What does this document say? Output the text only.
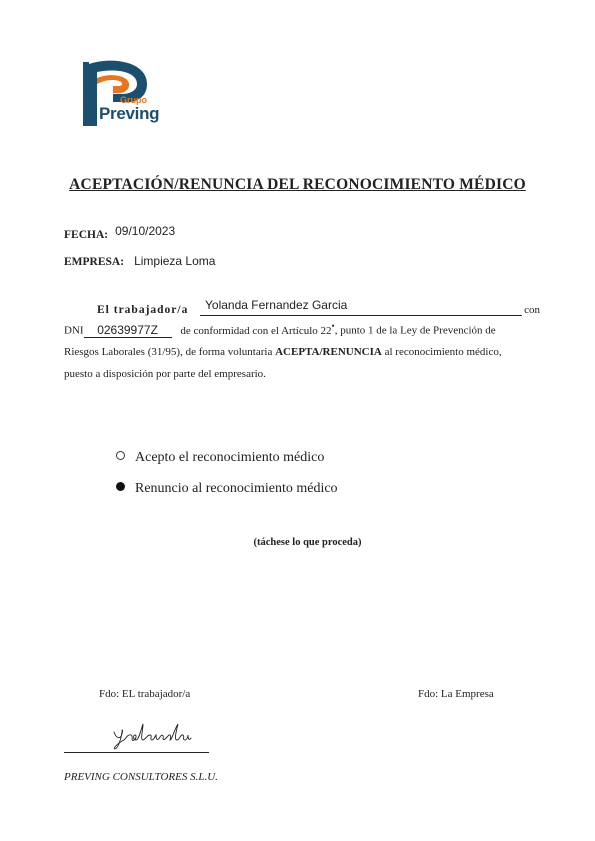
Grupo
Preving
ACEPTACIÓN/RENUNCIA DEL RECONOCIMIENTO MÉDICO
FECHA: 09/10/2023
EMPRESA: Limpieza Loma
El trabajador/a Yolanda Fernandez Garcia	con
DNI 02639977Z de conformidad con el Artículo 22•, punto 1 de la Ley de Prevención de
Riesgos Laborales (31/95), de forma voluntaria ACEPTA/RENUNCIA al reconocimiento médico,
puesto a disposición por parte del empresario.
Acepto el reconocimiento médico
Renuncio al reconocimiento médico
(táchese lo que proceda)
Fdo: EL trabajador/a	Fdo: La Empresa
PREVING CONSULTORES S.L.U.
